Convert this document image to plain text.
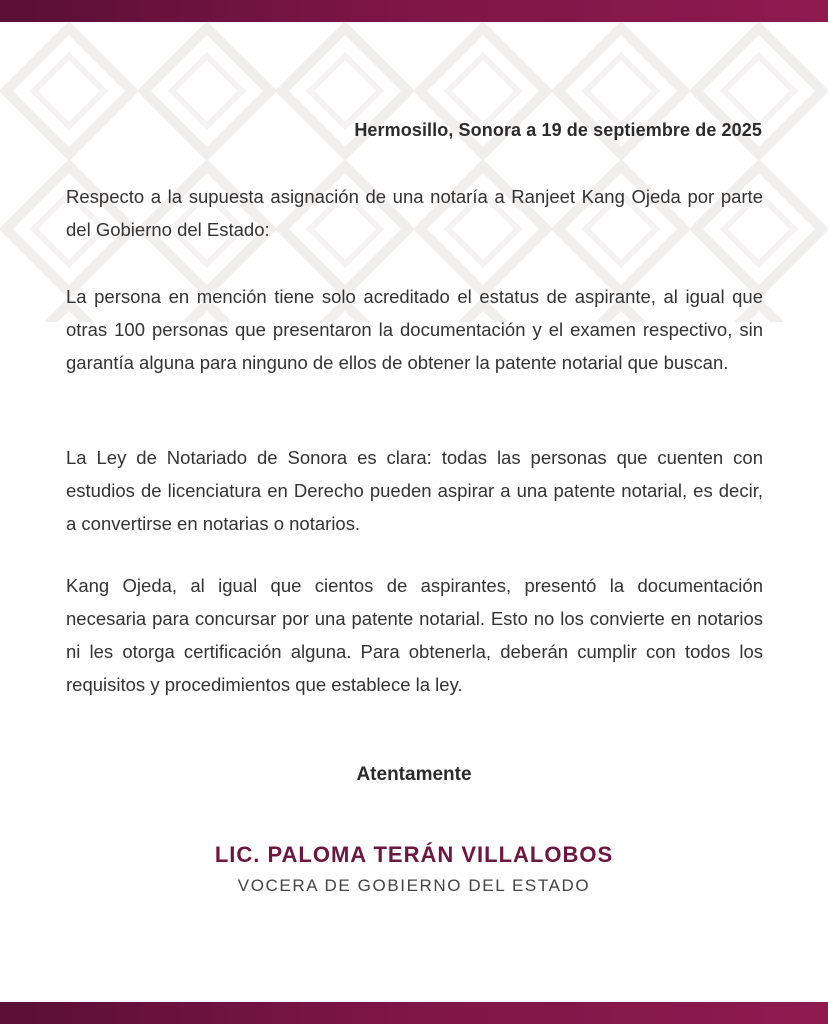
Hermosillo, Sonora a 19 de septiembre de 2025

Respecto a la supuesta asignación de una notaría a Ranjeet Kang Ojeda por parte del Gobierno del Estado:

La persona en mención tiene solo acreditado el estatus de aspirante, al igual que otras 100 personas que presentaron la documentación y el examen respectivo, sin garantía alguna para ninguno de ellos de obtener la patente notarial que buscan.

La Ley de Notariado de Sonora es clara: todas las personas que cuenten con estudios de licenciatura en Derecho pueden aspirar a una patente notarial, es decir, a convertirse en notarias o notarios.

Kang Ojeda, al igual que cientos de aspirantes, presentó la documentación necesaria para concursar por una patente notarial. Esto no los convierte en notarios ni les otorga certificación alguna. Para obtenerla, deberán cumplir con todos los requisitos y procedimientos que establece la ley.

Atentamente
LIC. PALOMA TERÁN VILLALOBOS
VOCERA DE GOBIERNO DEL ESTADO
